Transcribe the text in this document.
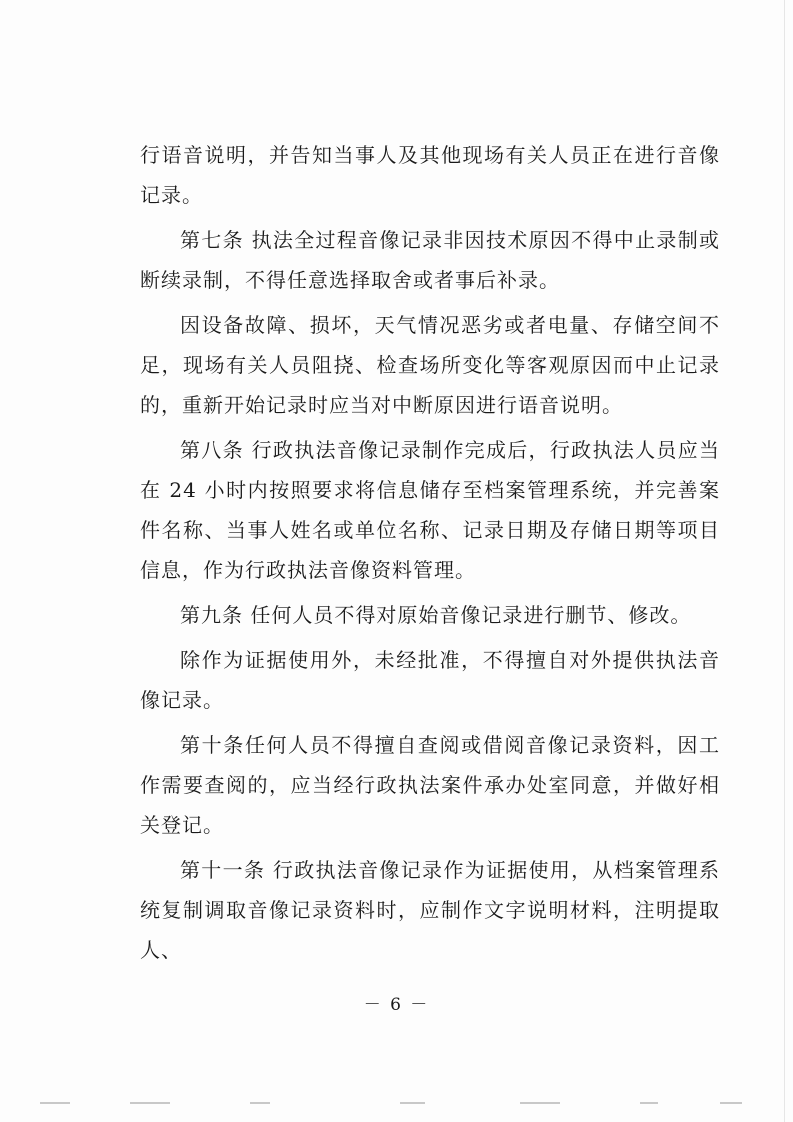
行语音说明，并告知当事人及其他现场有关人员正在进行音像记录。

第七条 执法全过程音像记录非因技术原因不得中止录制或断续录制，不得任意选择取舍或者事后补录。

因设备故障、损坏，天气情况恶劣或者电量、存储空间不足，现场有关人员阻挠、检查场所变化等客观原因而中止记录的，重新开始记录时应当对中断原因进行语音说明。

第八条 行政执法音像记录制作完成后，行政执法人员应当在 24 小时内按照要求将信息储存至档案管理系统，并完善案件名称、当事人姓名或单位名称、记录日期及存储日期等项目信息，作为行政执法音像资料管理。

第九条 任何人员不得对原始音像记录进行删节、修改。

除作为证据使用外，未经批准，不得擅自对外提供执法音像记录。

第十条任何人员不得擅自查阅或借阅音像记录资料，因工作需要查阅的，应当经行政执法案件承办处室同意，并做好相关登记。

第十一条 行政执法音像记录作为证据使用，从档案管理系统复制调取音像记录资料时，应制作文字说明材料，注明提取人、

－ 6 －
